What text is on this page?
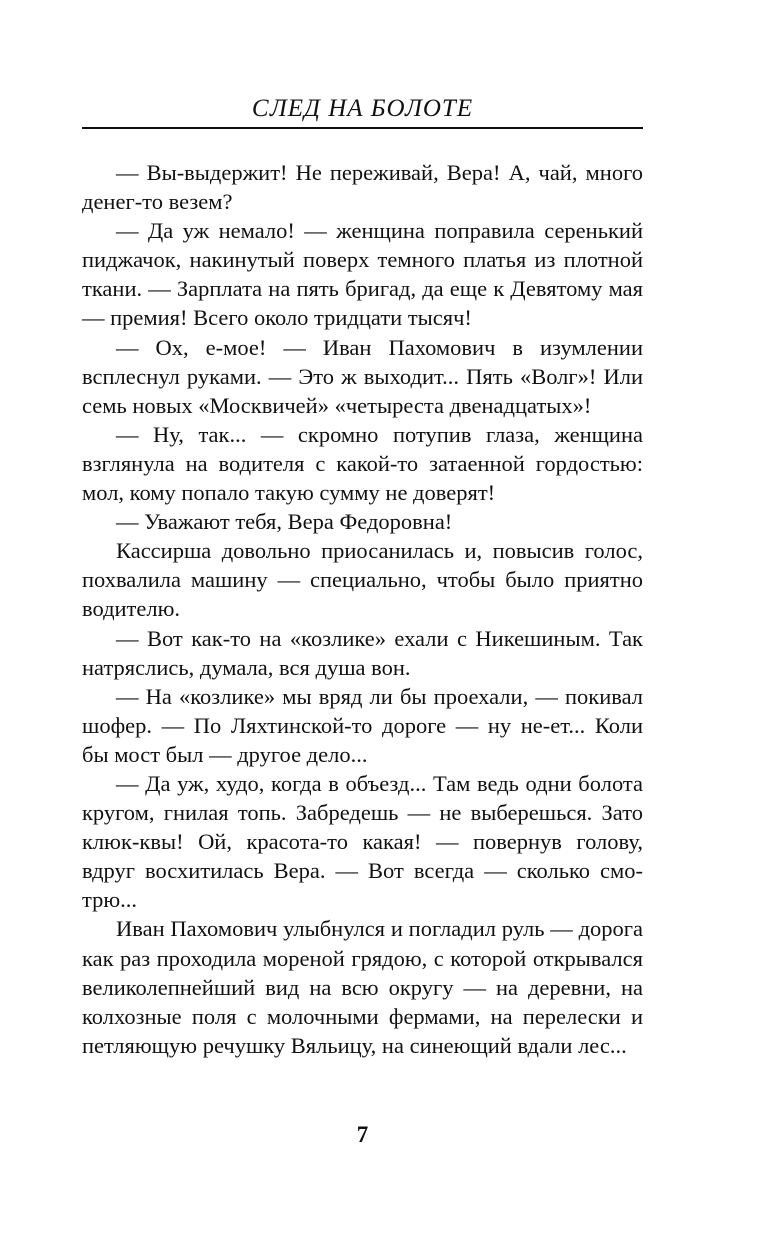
СЛЕД НА БОЛОТЕ

— Вы-выдержит! Не переживай, Вера! А, чай, много денег-то везем?

— Да уж немало! — женщина поправила серенький пиджачок, накинутый поверх темного платья из плотной ткани. — Зарплата на пять бригад, да еще к Девятому мая — премия! Всего около тридцати тысяч!

— Ох, е-мое! — Иван Пахомович в изумлении всплеснул руками. — Это ж выходит... Пять «Волг»! Или семь новых «Москвичей» «четыреста двенадцатых»!

— Ну, так... — скромно потупив глаза, женщина взглянула на водителя с какой-то затаенной гордостью: мол, кому попало такую сумму не доверят!

— Уважают тебя, Вера Федоровна!

Кассирша довольно приосанилась и, повысив голос, похвалила машину — специально, чтобы было приятно водителю.

— Вот как-то на «козлике» ехали с Никешиным. Так натряслись, думала, вся душа вон.

— На «козлике» мы вряд ли бы проехали, — покивал шофер. — По Ляхтинской-то дороге — ну не-ет... Коли бы мост был — другое дело...

— Да уж, худо, когда в объезд... Там ведь одни болота кругом, гнилая топь. Забредешь — не выберешься. Зато клюк-квы! Ой, красота-то какая! — повернув голову, вдруг восхитилась Вера. — Вот всегда — сколько смотрю...

Иван Пахомович улыбнулся и погладил руль — дорога как раз проходила мореной грядою, с которой открывался великолепнейший вид на всю округу — на деревни, на колхозные поля с молочными фермами, на перелески и петляющую речушку Вяльицу, на синеющий вдали лес...

7
